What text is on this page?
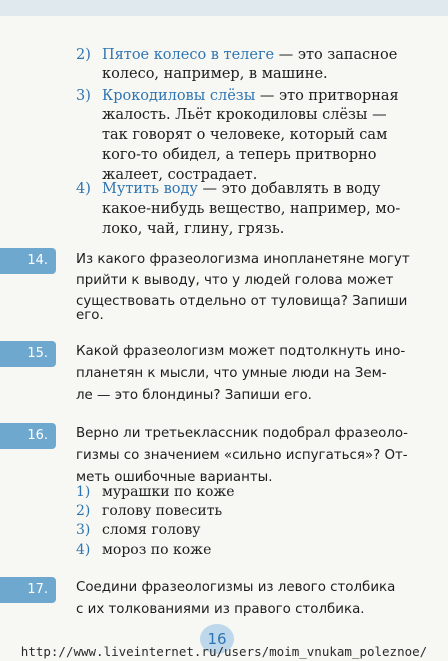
2) Пятое колесо в телеге — это запасное
колесо, например, в машине.
3) Крокодиловы слёзы — это притворная
жалость. Льёт крокодиловы слёзы —
так говорят о человеке, который сам
кого-то обидел, а теперь притворно
жалеет, сострадает.
4) Мутить воду — это добавлять в воду
какое-нибудь вещество, например, мо-
локо, чай, глину, грязь.
14.	Из какого фразеологизма инопланетяне могут
прийти к выводу, что у людей голова может
существовать отдельно от туловища? Запиши
его.
15.	Какой фразеологизм может подтолкнуть ино-
планетян к мысли, что умные люди на Зем-
ле — это блондины? Запиши его.
16.	Верно ли третьеклассник подобрал фразеоло-
гизмы со значением «сильно испугаться»? От-
меть ошибочные варианты.
17.	Соедини фразеологизмы из левого столбика
с их толкованиями из правого столбика.
1) мурашки по коже
2) голову повесить
3) сломя голову
4) мороз по коже
16
http://www.liveinternet.ru/users/moim_vnukam_poleznoe/
